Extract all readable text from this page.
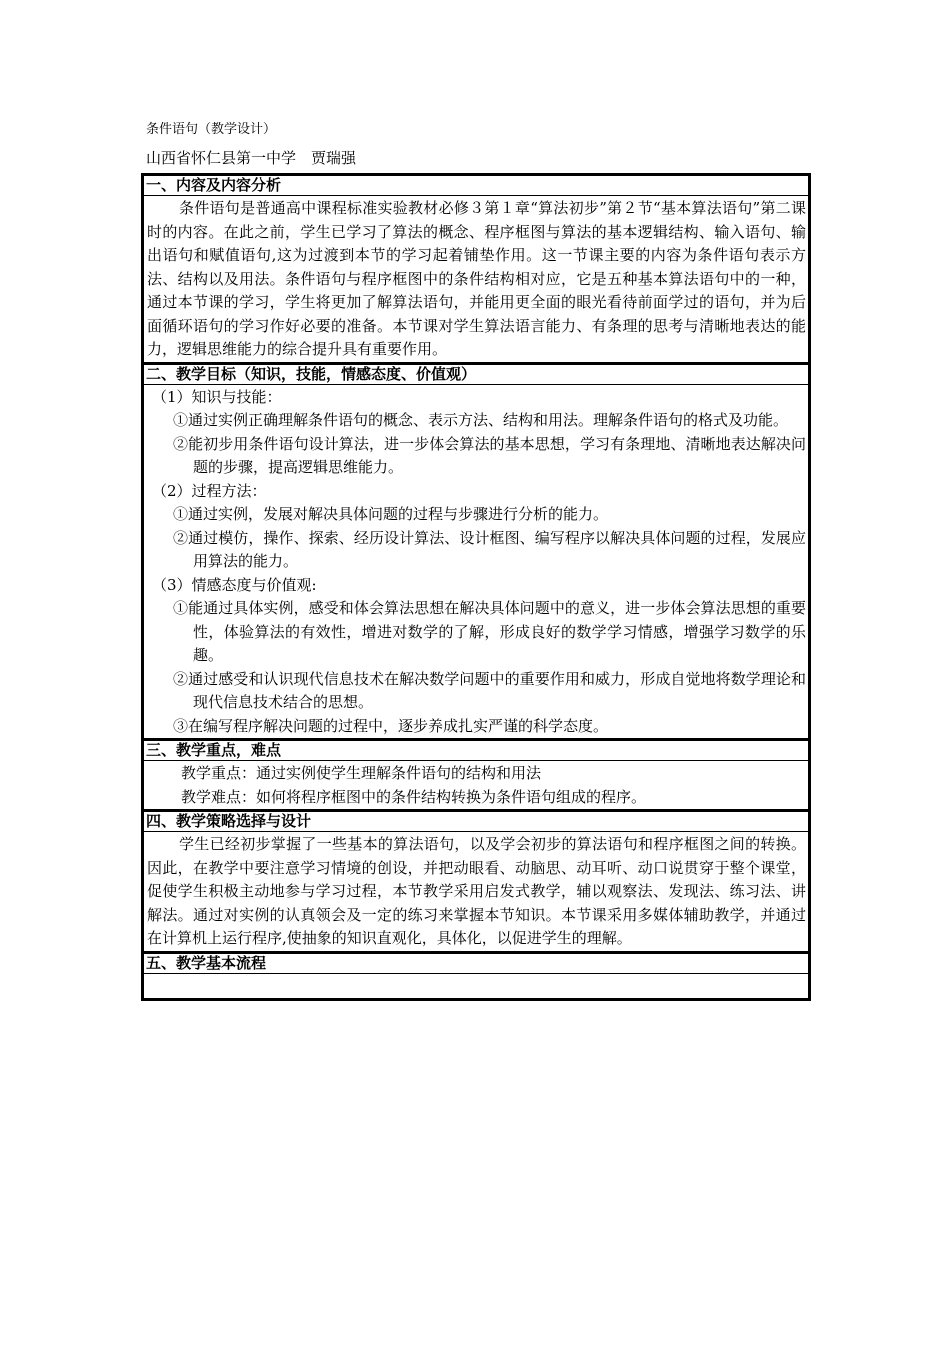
条件语句（教学设计）
山西省怀仁县第一中学　贾瑞强
一、内容及内容分析

条件语句是普通高中课程标准实验教材必修３第１章“算法初步”第２节“基本算法语句”第二课时的内容。在此之前，学生已学习了算法的概念、程序框图与算法的基本逻辑结构、输入语句、输出语句和赋值语句,这为过渡到本节的学习起着铺垫作用。这一节课主要的内容为条件语句表示方法、结构以及用法。条件语句与程序框图中的条件结构相对应，它是五种基本算法语句中的一种，通过本节课的学习，学生将更加了解算法语句，并能用更全面的眼光看待前面学过的语句，并为后面循环语句的学习作好必要的准备。本节课对学生算法语言能力、有条理的思考与清晰地表达的能力，逻辑思维能力的综合提升具有重要作用。

二、教学目标（知识，技能，情感态度、价值观）

（1）知识与技能：

①通过实例正确理解条件语句的概念、表示方法、结构和用法。理解条件语句的格式及功能。

②能初步用条件语句设计算法，进一步体会算法的基本思想，学习有条理地、清晰地表达解决问题的步骤，提高逻辑思维能力。

（2）过程方法：

①通过实例，发展对解决具体问题的过程与步骤进行分析的能力。

②通过模仿，操作、探索、经历设计算法、设计框图、编写程序以解决具体问题的过程，发展应用算法的能力。

（3）情感态度与价值观:

①能通过具体实例，感受和体会算法思想在解决具体问题中的意义，进一步体会算法思想的重要性，体验算法的有效性，增进对数学的了解，形成良好的数学学习情感，增强学习数学的乐趣。

②通过感受和认识现代信息技术在解决数学问题中的重要作用和威力，形成自觉地将数学理论和现代信息技术结合的思想。

③在编写程序解决问题的过程中，逐步养成扎实严谨的科学态度。

三、教学重点，难点

教学重点：通过实例使学生理解条件语句的结构和用法

教学难点：如何将程序框图中的条件结构转换为条件语句组成的程序。

四、教学策略选择与设计

学生已经初步掌握了一些基本的算法语句，以及学会初步的算法语句和程序框图之间的转换。因此，在教学中要注意学习情境的创设，并把动眼看、动脑思、动耳听、动口说贯穿于整个课堂，促使学生积极主动地参与学习过程，本节教学采用启发式教学，辅以观察法、发现法、练习法、讲解法。通过对实例的认真领会及一定的练习来掌握本节知识。本节课采用多媒体辅助教学，并通过在计算机上运行程序,使抽象的知识直观化，具体化，以促进学生的理解。

五、教学基本流程
